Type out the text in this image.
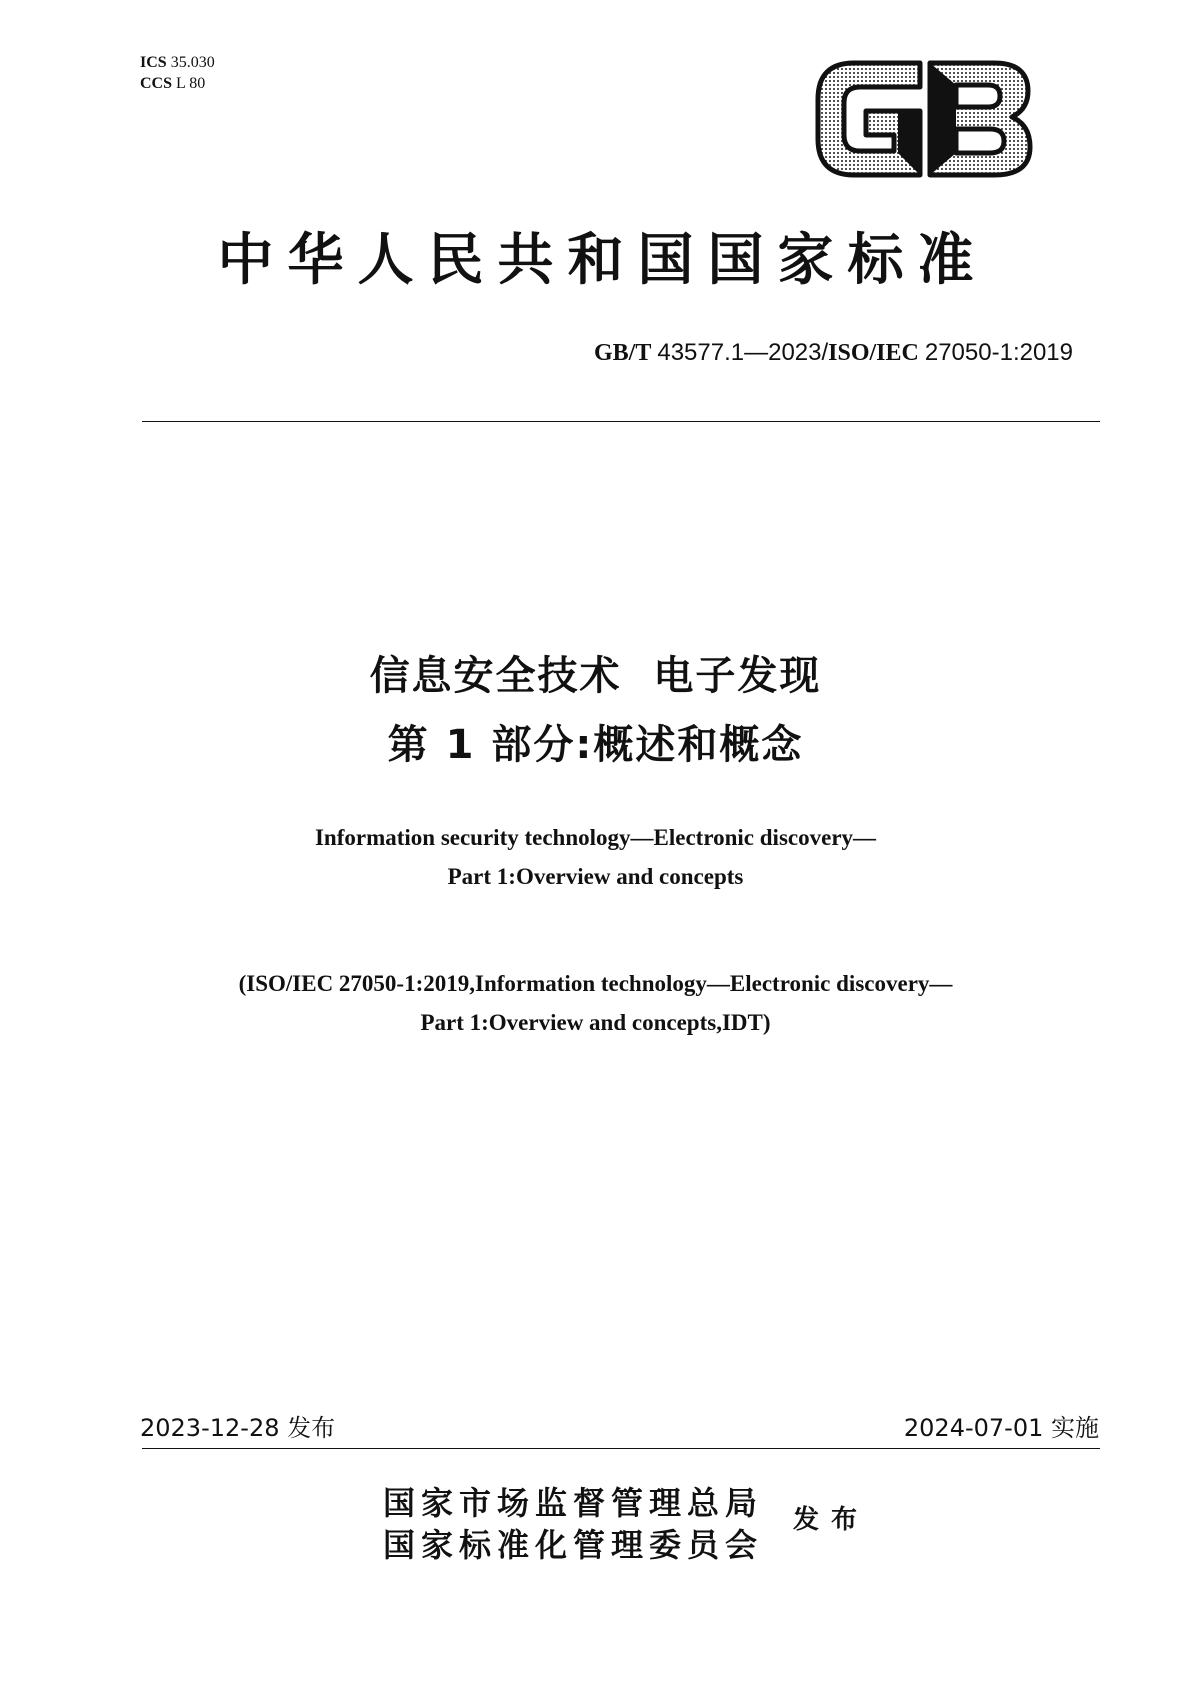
ICS 35.030
CCS L 80
中华人民共和国国家标准
GB/T 43577.1—2023/ISO/IEC 27050-1:2019
信息安全技术  电子发现
第 1 部分:概述和概念
Information security technology—Electronic discovery—
Part 1:Overview and concepts
(ISO/IEC 27050-1:2019,Information technology—Electronic discovery—
Part 1:Overview and concepts,IDT)
2023-12-28 发布	2024-07-01 实施
国家市场监督管理总局
国家标准化管理委员会
发布
